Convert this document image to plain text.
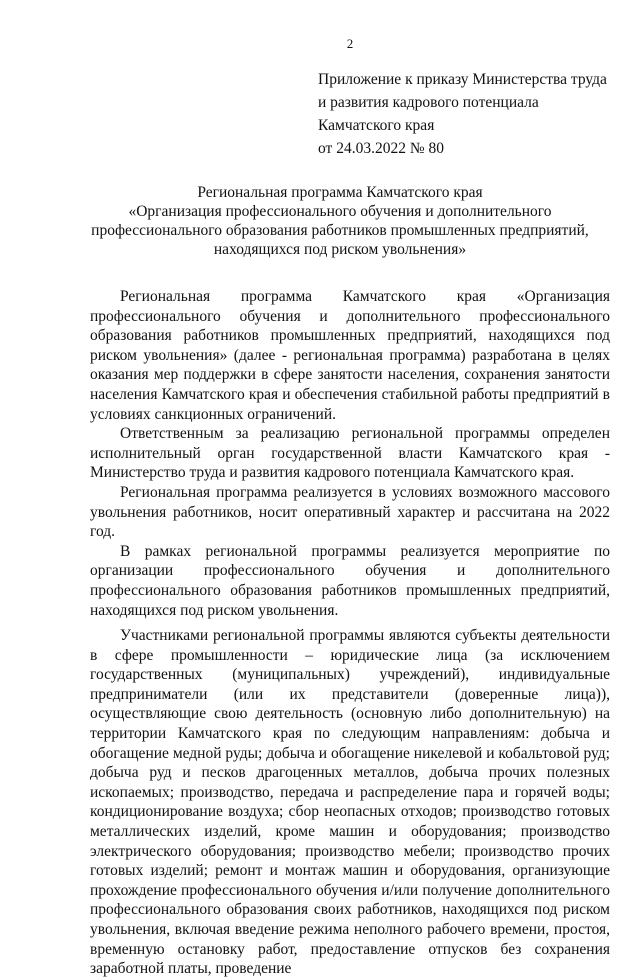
2
Приложение к приказу Министерства труда
и развития кадрового потенциала
Камчатского края
от 24.03.2022 № 80
Региональная программа Камчатского края
«Организация профессионального обучения и дополнительного
профессионального образования работников промышленных предприятий,
находящихся под риском увольнения»

Региональная программа Камчатского края «Организация профессионального обучения и дополнительного профессионального образования работников промышленных предприятий, находящихся под риском увольнения» (далее - региональная программа) разработана в целях оказания мер поддержки в сфере занятости населения, сохранения занятости населения Камчатского края и обеспечения стабильной работы предприятий в условиях санкционных ограничений.

Ответственным за реализацию региональной программы определен исполнительный орган государственной власти Камчатского края - Министерство труда и развития кадрового потенциала Камчатского края.

Региональная программа реализуется в условиях возможного массового увольнения работников, носит оперативный характер и рассчитана на 2022 год.

В рамках региональной программы реализуется мероприятие по организации профессионального обучения и дополнительного профессионального образования работников промышленных предприятий, находящихся под риском увольнения.

Участниками региональной программы являются субъекты деятельности в сфере промышленности – юридические лица (за исключением государственных (муниципальных) учреждений), индивидуальные предприниматели (или их представители (доверенные лица)), осуществляющие свою деятельность (основную либо дополнительную) на территории Камчатского края по следующим направлениям: добыча и обогащение медной руды; добыча и обогащение никелевой и кобальтовой руд; добыча руд и песков драгоценных металлов, добыча прочих полезных ископаемых; производство, передача и распределение пара и горячей воды; кондиционирование воздуха; сбор неопасных отходов; производство готовых металлических изделий, кроме машин и оборудования; производство электрического оборудования; производство мебели; производство прочих готовых изделий; ремонт и монтаж машин и оборудования, организующие прохождение профессионального обучения и/или получение дополнительного профессионального образования своих работников, находящихся под риском увольнения, включая введение режима неполного рабочего времени, простоя, временную остановку работ, предоставление отпусков без сохранения заработной платы, проведение
